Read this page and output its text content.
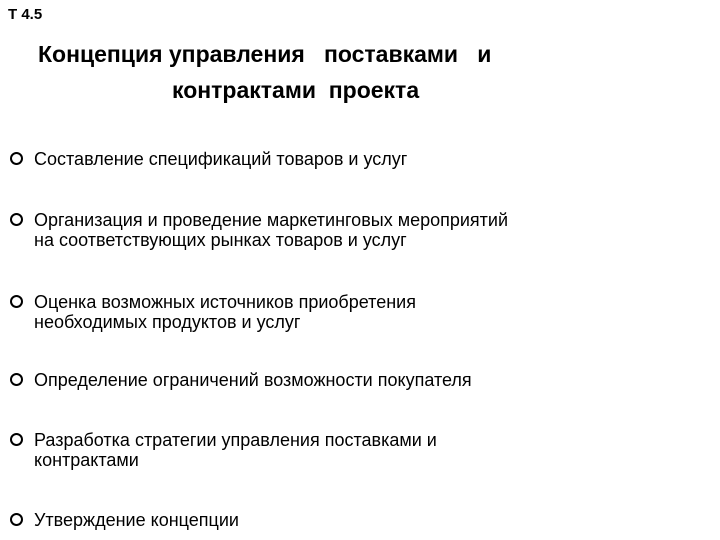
Т 4.5
Концепция управления   поставками   и
контрактами  проекта
Составление спецификаций товаров и услуг
Организация и проведение маркетинговых мероприятий
на соответствующих рынках товаров и услуг
Оценка возможных источников приобретения
необходимых продуктов и услуг
Определение ограничений возможности покупателя
Разработка стратегии управления поставками и
контрактами
Утверждение концепции
